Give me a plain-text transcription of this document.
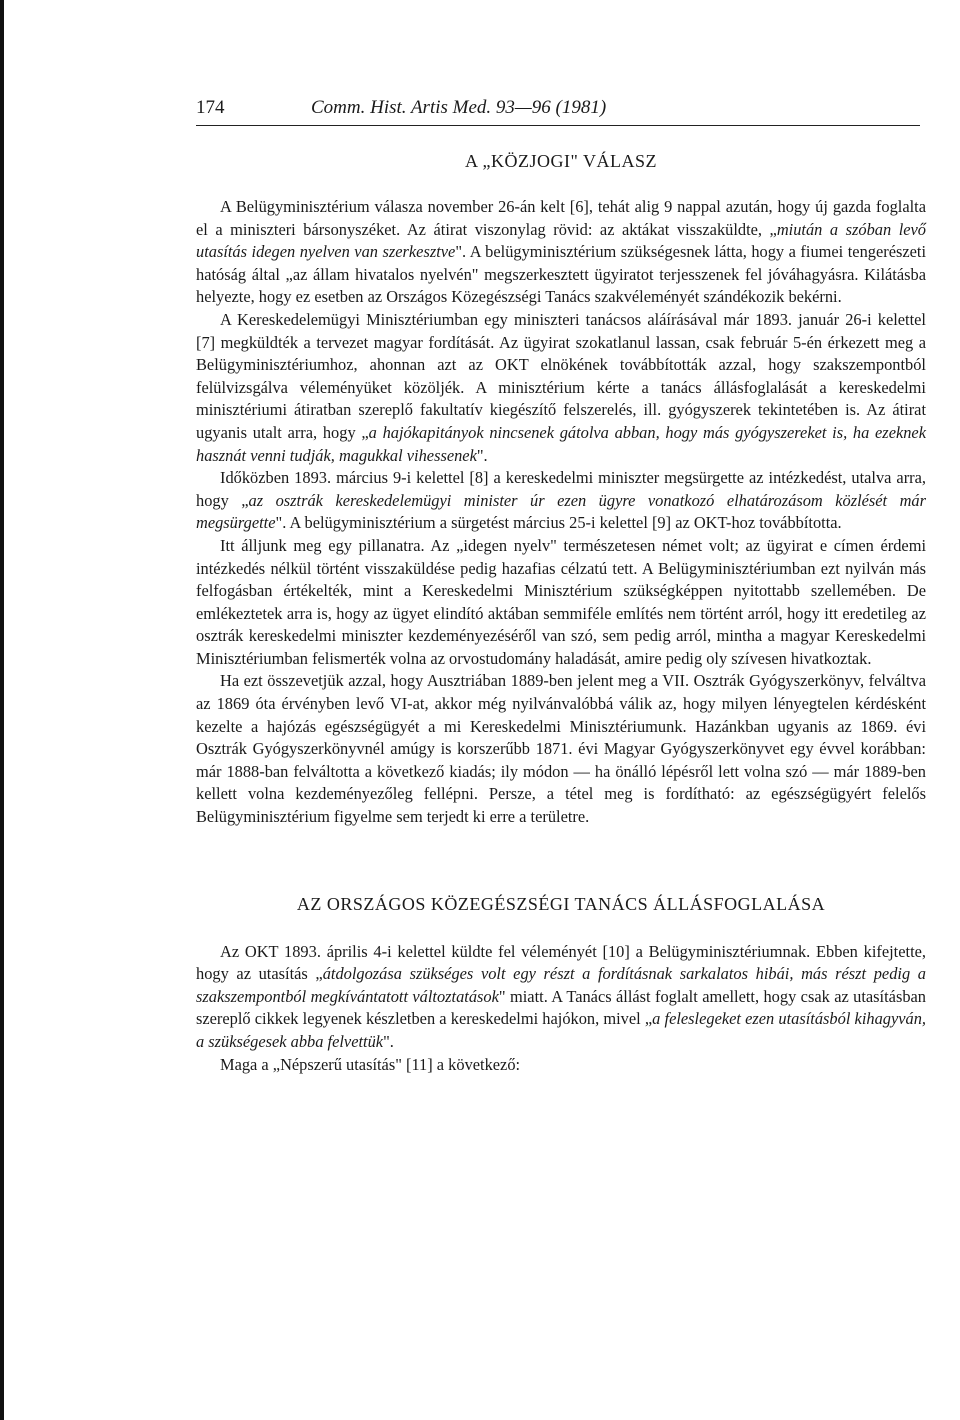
174	Comm. Hist. Artis Med. 93—96 (1981)
A „KÖZJOGI" VÁLASZ

A Belügyminisztérium válasza november 26-án kelt [6], tehát alig 9 nappal azután, hogy új gazda foglalta el a miniszteri bársonyszéket. Az átirat viszonylag rövid: az aktákat visszaküldte, „miután a szóban levő utasítás idegen nyelven van szerkesztve". A belügyminisztérium szükségesnek látta, hogy a fiumei tengerészeti hatóság által „az állam hivatalos nyelvén" megszerkesztett ügyiratot terjesszenek fel jóváhagyásra. Kilátásba helyezte, hogy ez esetben az Országos Közegészségi Tanács szakvéleményét szándékozik bekérni.

A Kereskedelemügyi Minisztériumban egy miniszteri tanácsos aláírásával már 1893. január 26-i kelettel [7] megküldték a tervezet magyar fordítását. Az ügyirat szokatlanul lassan, csak február 5-én érkezett meg a Belügyminisztériumhoz, ahonnan azt az OKT elnökének továbbították azzal, hogy szakszempontból felülvizsgálva véleményüket közöljék. A minisztérium kérte a tanács állásfoglalását a kereskedelmi minisztériumi átiratban szereplő fakultatív kiegészítő felszerelés, ill. gyógyszerek tekintetében is. Az átirat ugyanis utalt arra, hogy „a hajókapitányok nincsenek gátolva abban, hogy más gyógyszereket is, ha ezeknek hasznát venni tudják, magukkal vihessenek".

Időközben 1893. március 9-i kelettel [8] a kereskedelmi miniszter megsürgette az intézkedést, utalva arra, hogy „az osztrák kereskedelemügyi minister úr ezen ügyre vonatkozó elhatározásom közlését már megsürgette". A belügyminisztérium a sürgetést március 25-i kelettel [9] az OKT-hoz továbbította.

Itt álljunk meg egy pillanatra. Az „idegen nyelv" természetesen német volt; az ügyirat e címen érdemi intézkedés nélkül történt visszaküldése pedig hazafias célzatú tett. A Belügyminisztériumban ezt nyilván más felfogásban értékelték, mint a Kereskedelmi Minisztérium szükségképpen nyitottabb szellemében. De emlékeztetek arra is, hogy az ügyet elindító aktában semmiféle említés nem történt arról, hogy itt eredetileg az osztrák kereskedelmi miniszter kezdeményezéséről van szó, sem pedig arról, mintha a magyar Kereskedelmi Minisztériumban felismerték volna az orvostudomány haladását, amire pedig oly szívesen hivatkoztak.

Ha ezt összevetjük azzal, hogy Ausztriában 1889-ben jelent meg a VII. Osztrák Gyógyszerkönyv, felváltva az 1869 óta érvényben levő VI-at, akkor még nyilvánvalóbbá válik az, hogy milyen lényegtelen kérdésként kezelte a hajózás egészségügyét a mi Kereskedelmi Minisztériumunk. Hazánkban ugyanis az 1869. évi Osztrák Gyógyszerkönyvnél amúgy is korszerűbb 1871. évi Magyar Gyógyszerkönyvet egy évvel korábban: már 1888-ban felváltotta a következő kiadás; ily módon — ha önálló lépésről lett volna szó — már 1889-ben kellett volna kezdeményezőleg fellépni. Persze, a tétel meg is fordítható: az egészségügyért felelős Belügyminisztérium figyelme sem terjedt ki erre a területre.

AZ ORSZÁGOS KÖZEGÉSZSÉGI TANÁCS ÁLLÁSFOGLALÁSA

Az OKT 1893. április 4-i kelettel küldte fel véleményét [10] a Belügyminisztériumnak. Ebben kifejtette, hogy az utasítás „átdolgozása szükséges volt egy részt a fordításnak sarkalatos hibái, más részt pedig a szakszempontból megkívántatott változtatások" miatt. A Tanács állást foglalt amellett, hogy csak az utasításban szereplő cikkek legyenek készletben a kereskedelmi hajókon, mivel „a feleslegeket ezen utasításból kihagyván, a szükségesek abba felvettük".

Maga a „Népszerű utasítás" [11] a következő:
